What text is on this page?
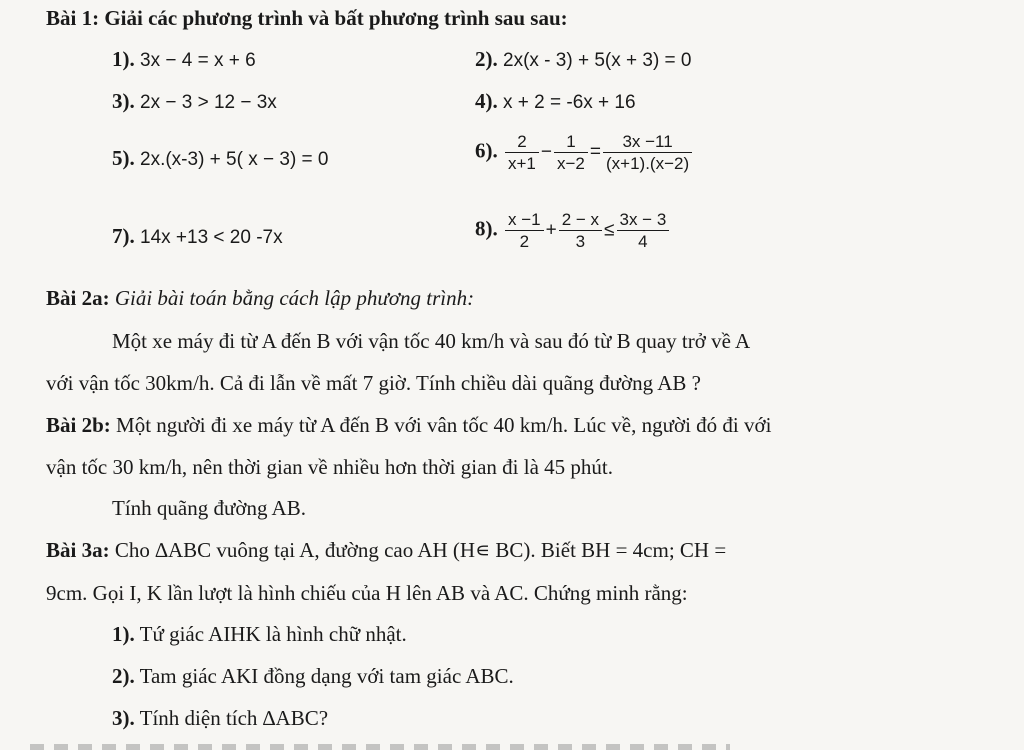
Bài 1: Giải các phương trình và bất phương trình sau sau:
1). 3x − 4 = x + 6	2). 2x(x - 3) + 5(x + 3) = 0
3). 2x − 3 > 12 − 3x	4). x + 2 = -6x + 16
5). 2x.(x-3) + 5( x − 3) = 0	6). $\frac{2}{x+1} - \frac{1}{x-2} = \frac{3x -11}{(x+1).(x-2)}$
7). 14x +13 < 20 -7x	8). $\frac{x -1}{2} + \frac{2 - x}{3} \le \frac{3x - 3}{4}$
Bài 2a: Giải bài toán bằng cách lập phương trình:
Một xe máy đi từ A đến B với vận tốc 40 km/h và sau đó từ B quay trở về A
với vận tốc 30km/h. Cả đi lẫn về mất 7 giờ. Tính chiều dài quãng đường AB ?
Bài 2b: Một người đi xe máy từ A đến B với vân tốc 40 km/h. Lúc về, người đó đi với
vận tốc 30 km/h, nên thời gian về nhiều hơn thời gian đi là 45 phút.
Tính quãng đường AB.
Bài 3a: Cho ∆ABC vuông tại A, đường cao AH (H∊ BC). Biết BH = 4cm; CH =
9cm. Gọi I, K lần lượt là hình chiếu của H lên AB và AC. Chứng minh rằng:
1). Tứ giác AIHK là hình chữ nhật.
2). Tam giác AKI đồng dạng với tam giác ABC.
3). Tính diện tích ∆ABC?
